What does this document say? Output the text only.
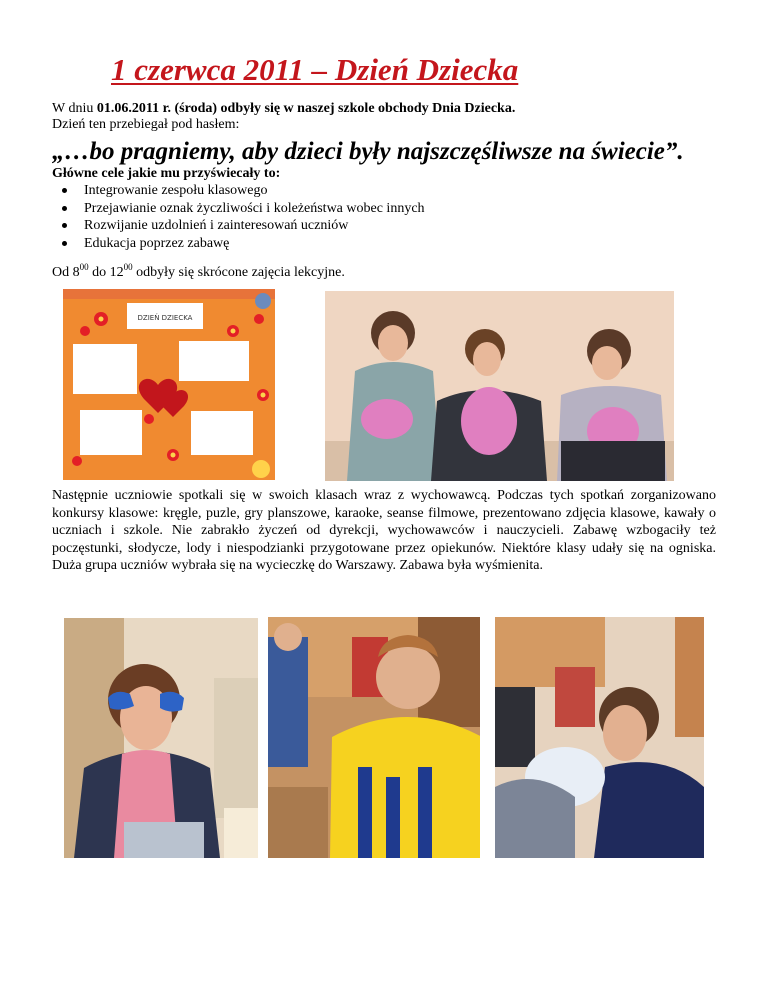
1 czerwca 2011 – Dzień Dziecka
W dniu 01.06.2011 r. (środa) odbyły się w naszej szkole obchody Dnia Dziecka.
Dzień ten przebiegał pod hasłem:
„…bo pragniemy, aby dzieci były najszczęśliwsze na świecie”.
Główne cele jakie mu przyświecały to:
Integrowanie zespołu klasowego
Przejawianie oznak życzliwości i koleżeństwa wobec innych
Rozwijanie uzdolnień i zainteresowań uczniów
Edukacja poprzez zabawę
Od $8^{00}$ do $12^{00}$ odbyły się skrócone zajęcia lekcyjne.
DZIEŃ DZIECKA

Następnie uczniowie spotkali się w swoich klasach wraz z wychowawcą. Podczas tych spotkań zorganizowano konkursy klasowe: kręgle, puzle, gry planszowe, karaoke, seanse filmowe, prezentowano zdjęcia klasowe, kawały o uczniach i szkole. Nie zabrakło życzeń od dyrekcji, wychowawców i nauczycieli. Zabawę wzbogaciły też poczęstunki, słodycze, lody i niespodzianki przygotowane przez opiekunów. Niektóre klasy udały się na ogniska. Duża grupa uczniów wybrała się na wycieczkę do Warszawy. Zabawa była wyśmienita.
